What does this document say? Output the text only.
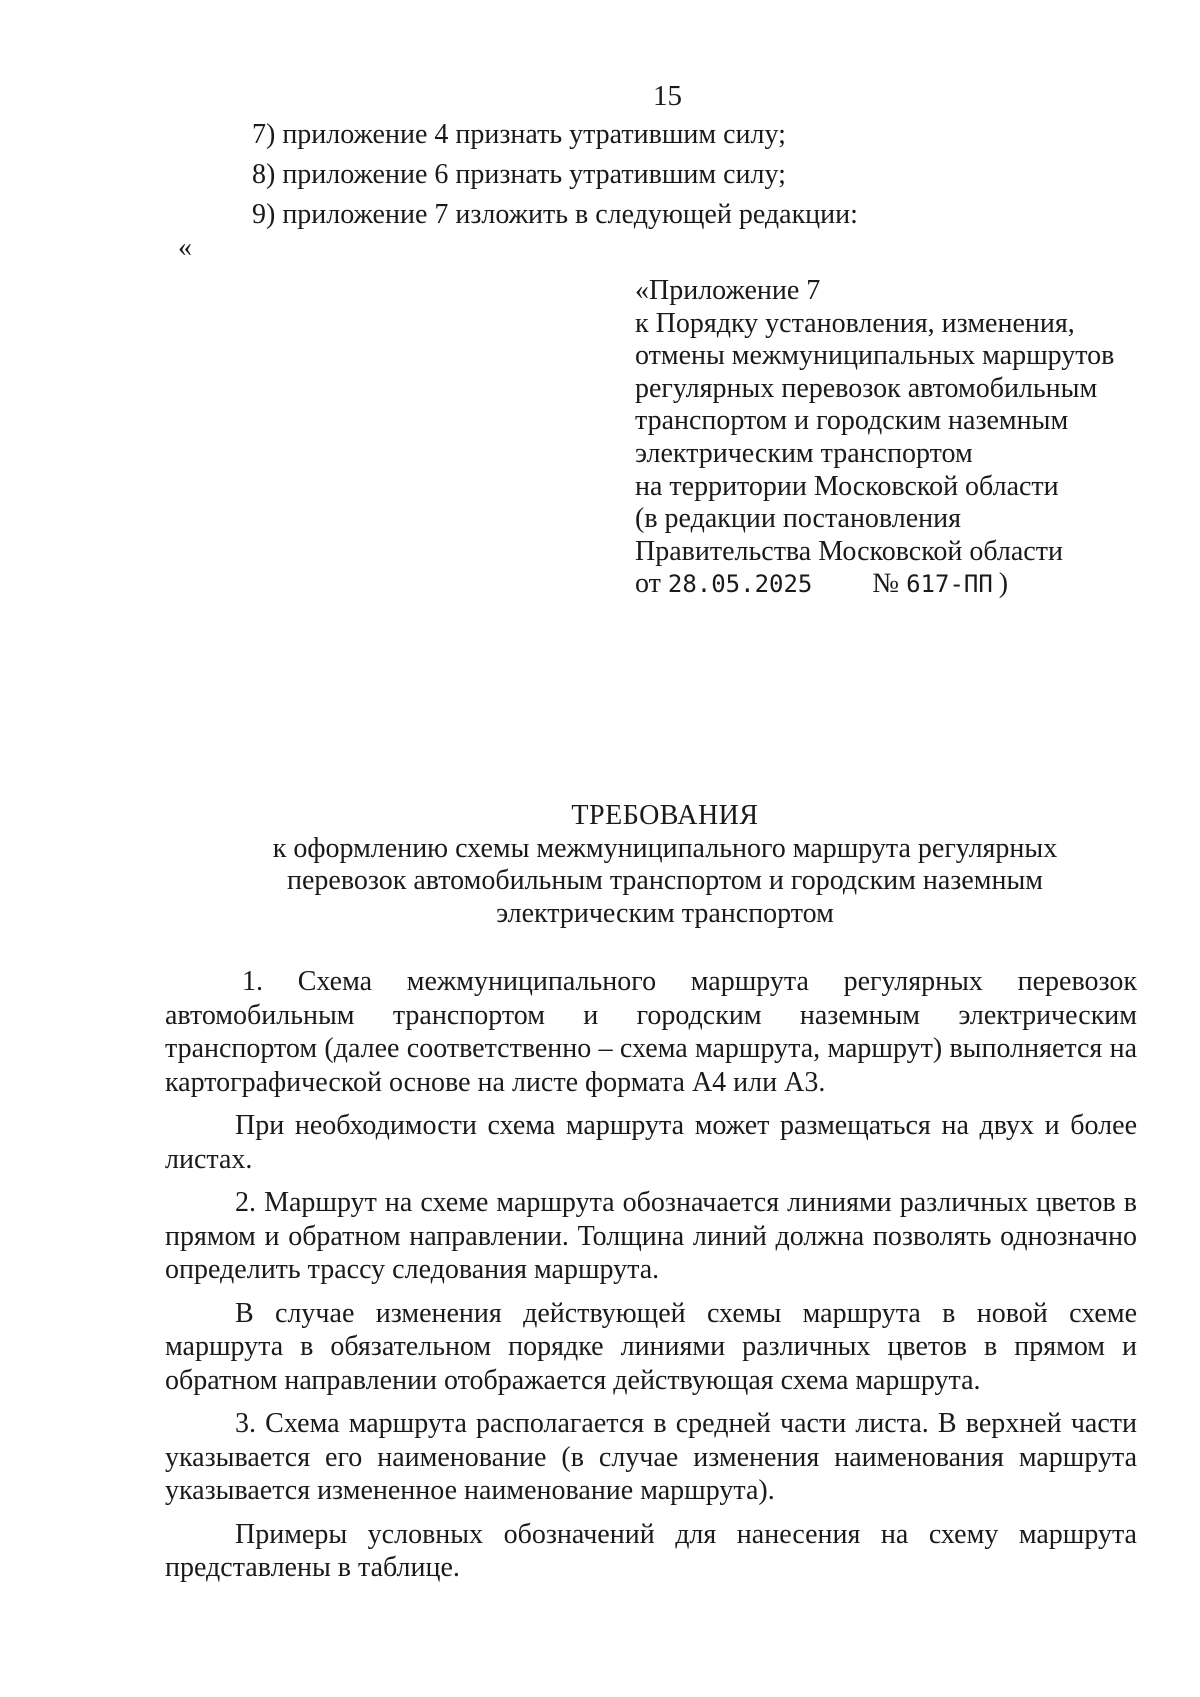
15
7) приложение 4 признать утратившим силу;
8) приложение 6 признать утратившим силу;
9) приложение 7 изложить в следующей редакции:
«
«Приложение 7
к Порядку установления, изменения,
отмены межмуниципальных маршрутов
регулярных перевозок автомобильным
транспортом и городским наземным
электрическим транспортом
на территории Московской области
(в редакции постановления
Правительства Московской области
от 28.05.2025 № 617-ПП )
ТРЕБОВАНИЯ
к оформлению схемы межмуниципального маршрута регулярных
перевозок автомобильным транспортом и городским наземным
электрическим транспортом

1. Схема межмуниципального маршрута регулярных перевозок автомобильным транспортом и городским наземным электрическим транспортом (далее соответственно – схема маршрута, маршрут) выполняется на картографической основе на листе формата А4 или А3.

При необходимости схема маршрута может размещаться на двух и более листах.

2. Маршрут на схеме маршрута обозначается линиями различных цветов в прямом и обратном направлении. Толщина линий должна позволять однозначно определить трассу следования маршрута.

В случае изменения действующей схемы маршрута в новой схеме маршрута в обязательном порядке линиями различных цветов в прямом и обратном направлении отображается действующая схема маршрута.

3. Схема маршрута располагается в средней части листа. В верхней части указывается его наименование (в случае изменения наименования маршрута указывается измененное наименование маршрута).

Примеры условных обозначений для нанесения на схему маршрута представлены в таблице.
